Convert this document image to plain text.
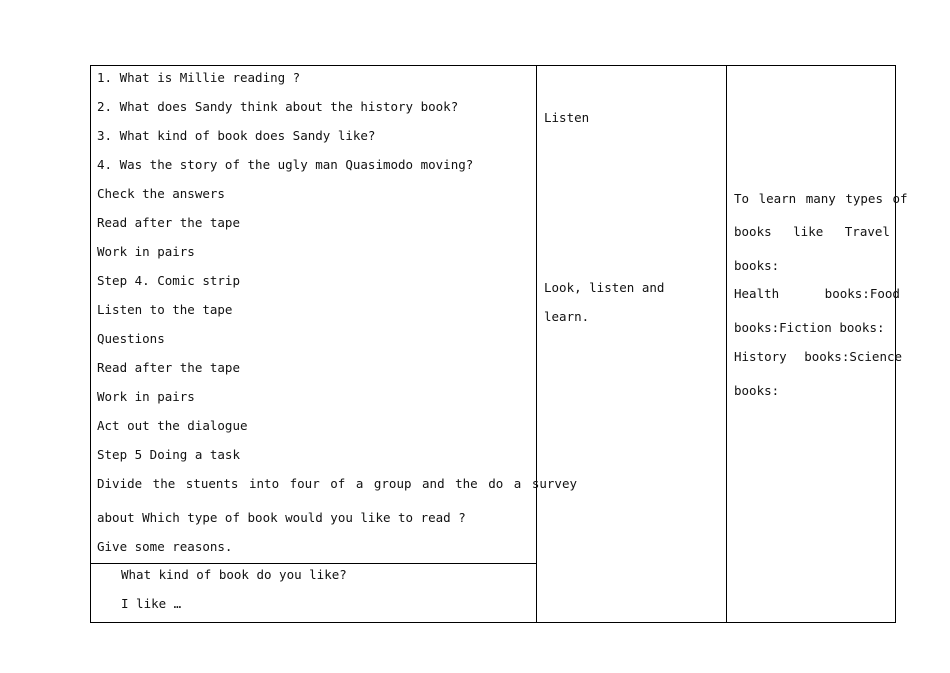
1. What is Millie reading ?
2. What does Sandy think about the history book?
3. What kind of book does Sandy like?
4. Was the story of the ugly man Quasimodo moving?
Check the answers
Read after the tape
Work in pairs
Step 4. Comic strip
Listen to the tape
Questions
Read after the tape
Work in pairs
Act out the dialogue
Step 5 Doing a task
Divide the stuents into four of a group and the do a survey
about Which type of book would you like to read ?
Give some reasons.
What kind of book do you like?
I like …
Listen
Look, listen and
learn.
To learn many types of
books like Travel
books:
Health books:Food
books:Fiction books:
History books:Science
books:
